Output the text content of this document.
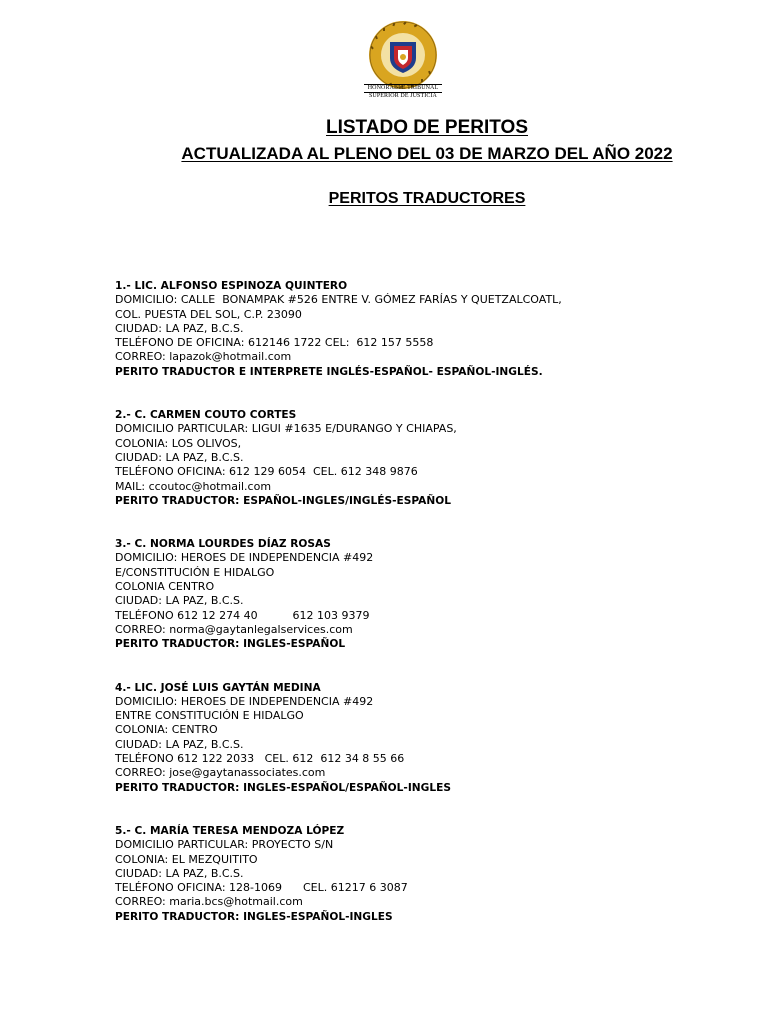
HONORABLE TRIBUNAL
SUPERIOR DE JUSTICIA
LISTADO DE PERITOS
ACTUALIZADA AL PLENO DEL 03 DE MARZO DEL AÑO 2022
PERITOS TRADUCTORES
1.- LIC. ALFONSO ESPINOZA QUINTERO
DOMICILIO: CALLE  BONAMPAK #526 ENTRE V. GÓMEZ FARÍAS Y QUETZALCOATL,
COL. PUESTA DEL SOL, C.P. 23090
CIUDAD: LA PAZ, B.C.S.
TELÉFONO DE OFICINA: 612146 1722 CEL:  612 157 5558
CORREO: lapazok@hotmail.com
PERITO TRADUCTOR E INTERPRETE INGLÉS-ESPAÑOL- ESPAÑOL-INGLÉS.
2.- C. CARMEN COUTO CORTES
DOMICILIO PARTICULAR: LIGUI #1635 E/DURANGO Y CHIAPAS,
COLONIA: LOS OLIVOS,
CIUDAD: LA PAZ, B.C.S.
TELÉFONO OFICINA: 612 129 6054  CEL. 612 348 9876
MAIL: ccoutoc@hotmail.com
PERITO TRADUCTOR: ESPAÑOL-INGLES/INGLÉS-ESPAÑOL
3.- C. NORMA LOURDES DÍAZ ROSAS
DOMICILIO: HEROES DE INDEPENDENCIA #492
E/CONSTITUCIÓN E HIDALGO
COLONIA CENTRO
CIUDAD: LA PAZ, B.C.S.
TELÉFONO 612 12 274 40          612 103 9379
CORREO: norma@gaytanlegalservices.com
PERITO TRADUCTOR: INGLES-ESPAÑOL
4.- LIC. JOSÉ LUIS GAYTÁN MEDINA
DOMICILIO: HEROES DE INDEPENDENCIA #492
ENTRE CONSTITUCIÓN E HIDALGO
COLONIA: CENTRO
CIUDAD: LA PAZ, B.C.S.
TELÉFONO 612 122 2033   CEL. 612  612 34 8 55 66
CORREO: jose@gaytanassociates.com
PERITO TRADUCTOR: INGLES-ESPAÑOL/ESPAÑOL-INGLES
5.- C. MARÍA TERESA MENDOZA LÓPEZ
DOMICILIO PARTICULAR: PROYECTO S/N
COLONIA: EL MEZQUITITO
CIUDAD: LA PAZ, B.C.S.
TELÉFONO OFICINA: 128-1069      CEL. 61217 6 3087
CORREO: maria.bcs@hotmail.com
PERITO TRADUCTOR: INGLES-ESPAÑOL-INGLES
